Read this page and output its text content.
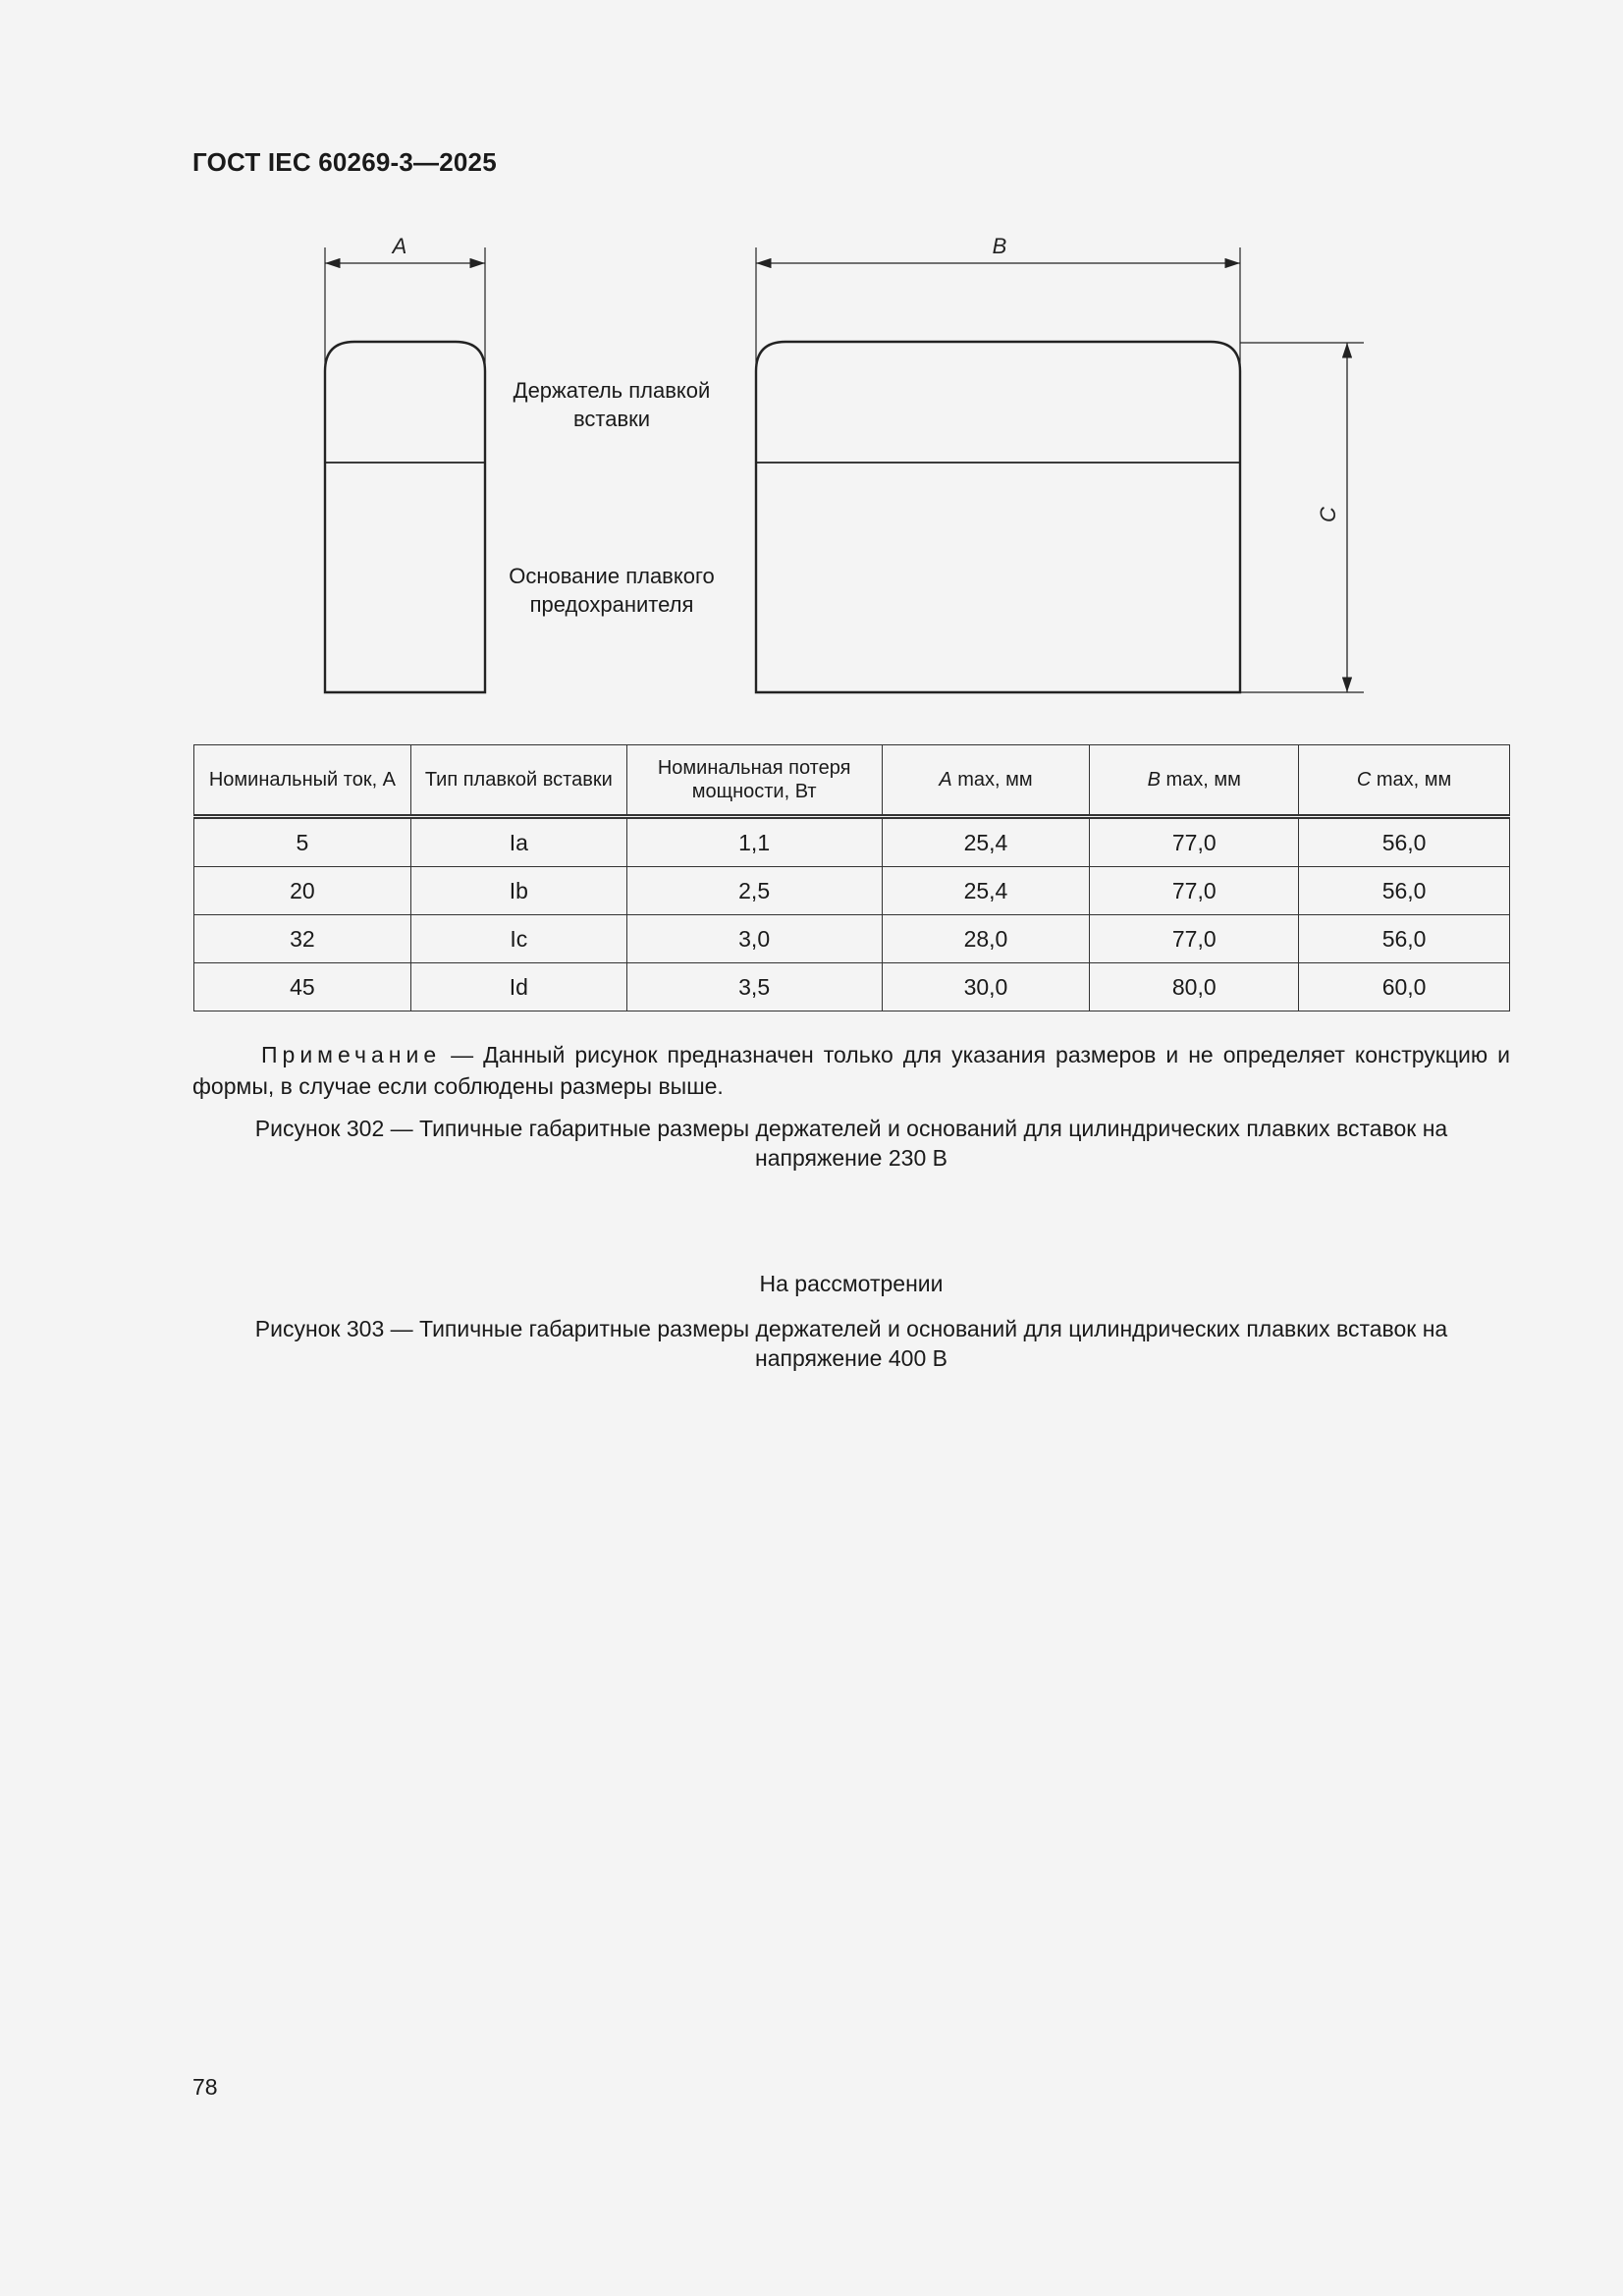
ГОСТ IEC 60269-3—2025
A	B
C
Держатель плавкой вставки
Основание плавкого предохранителя
Номинальный ток, А	Тип плавкой вставки	Номинальная потеря мощности, Вт	A max, мм	B max, мм	C max, мм
5	Ia	1,1	25,4	77,0	56,0
20	Ib	2,5	25,4	77,0	56,0
32	Ic	3,0	28,0	77,0	56,0
45	Id	3,5	30,0	80,0	60,0
Примечание — Данный рисунок предназначен только для указания размеров и не определяет конструкцию и формы, в случае если соблюдены размеры выше.
Рисунок 302 — Типичные габаритные размеры держателей и оснований для цилиндрических плавких вставок на напряжение 230 В
На рассмотрении
Рисунок 303 — Типичные габаритные размеры держателей и оснований для цилиндрических плавких вставок на напряжение 400 В
78
